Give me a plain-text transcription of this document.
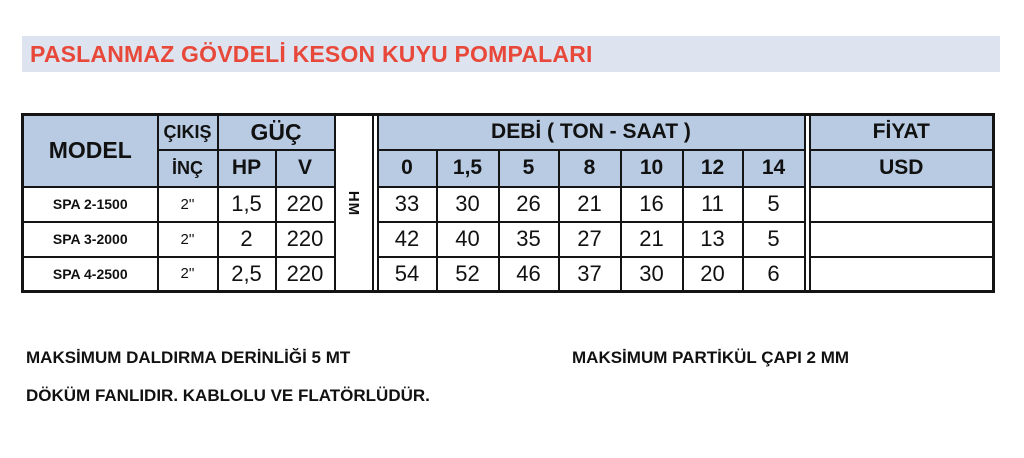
PASLANMAZ GÖVDELİ KESON KUYU POMPALARI
MODEL	ÇIKIŞ	GÜÇ		HM		DEBİ ( TON - SAAT )								FİYAT
	İNÇ	HP	V			0	1,5	5	8	10	12	14		USD
SPA 2-1500	2''	1,5	220			33	30	26	21	16	11	5		
SPA 3-2000	2''	2	220			42	40	35	27	21	13	5		
SPA 4-2500	2''	2,5	220			54	52	46	37	30	20	6		
MAKSİMUM DALDIRMA DERİNLİĞİ 5 MT	MAKSİMUM PARTİKÜL ÇAPI 2 MM
DÖKÜM FANLIDIR. KABLOLU VE FLATÖRLÜDÜR.
